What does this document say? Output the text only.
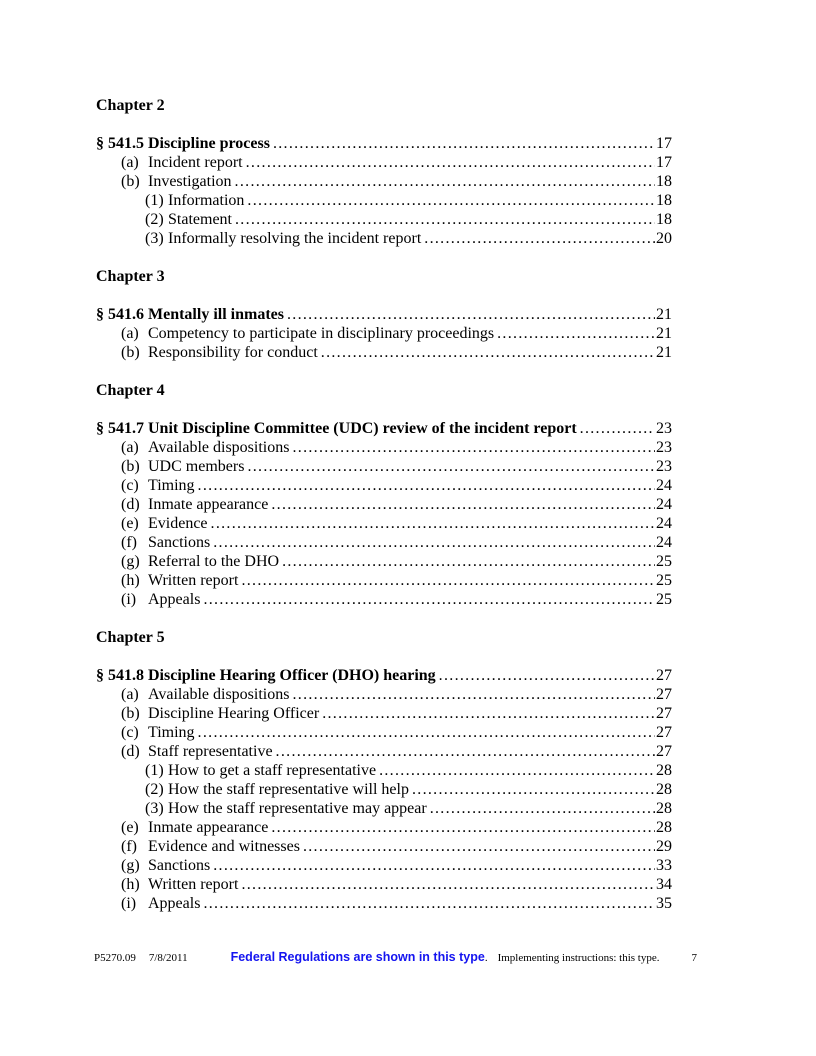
Chapter 2
§ 541.5 Discipline process .....	17
(a) Incident report .....	17
(b) Investigation .....	18
(1) Information .....	18
(2) Statement .....	18
(3) Informally resolving the incident report .....	20
Chapter 3
§ 541.6 Mentally ill inmates .....	21
(a) Competency to participate in disciplinary proceedings .....	21
(b) Responsibility for conduct .....	21
Chapter 4
§ 541.7 Unit Discipline Committee (UDC) review of the incident report .....	23
(a) Available dispositions .....	23
(b) UDC members .....	23
(c) Timing .....	24
(d) Inmate appearance .....	24
(e) Evidence .....	24
(f) Sanctions .....	24
(g) Referral to the DHO .....	25
(h) Written report .....	25
(i) Appeals .....	25
Chapter 5
§ 541.8 Discipline Hearing Officer (DHO) hearing .....	27
(a) Available dispositions .....	27
(b) Discipline Hearing Officer .....	27
(c) Timing .....	27
(d) Staff representative .....	27
(1) How to get a staff representative .....	28
(2) How the staff representative will help .....	28
(3) How the staff representative may appear .....	28
(e) Inmate appearance .....	28
(f) Evidence and witnesses .....	29
(g) Sanctions .....	33
(h) Written report .....	34
(i) Appeals .....	35
P5270.09 7/8/2011	Federal Regulations are shown in this type. Implementing instructions: this type.	7
